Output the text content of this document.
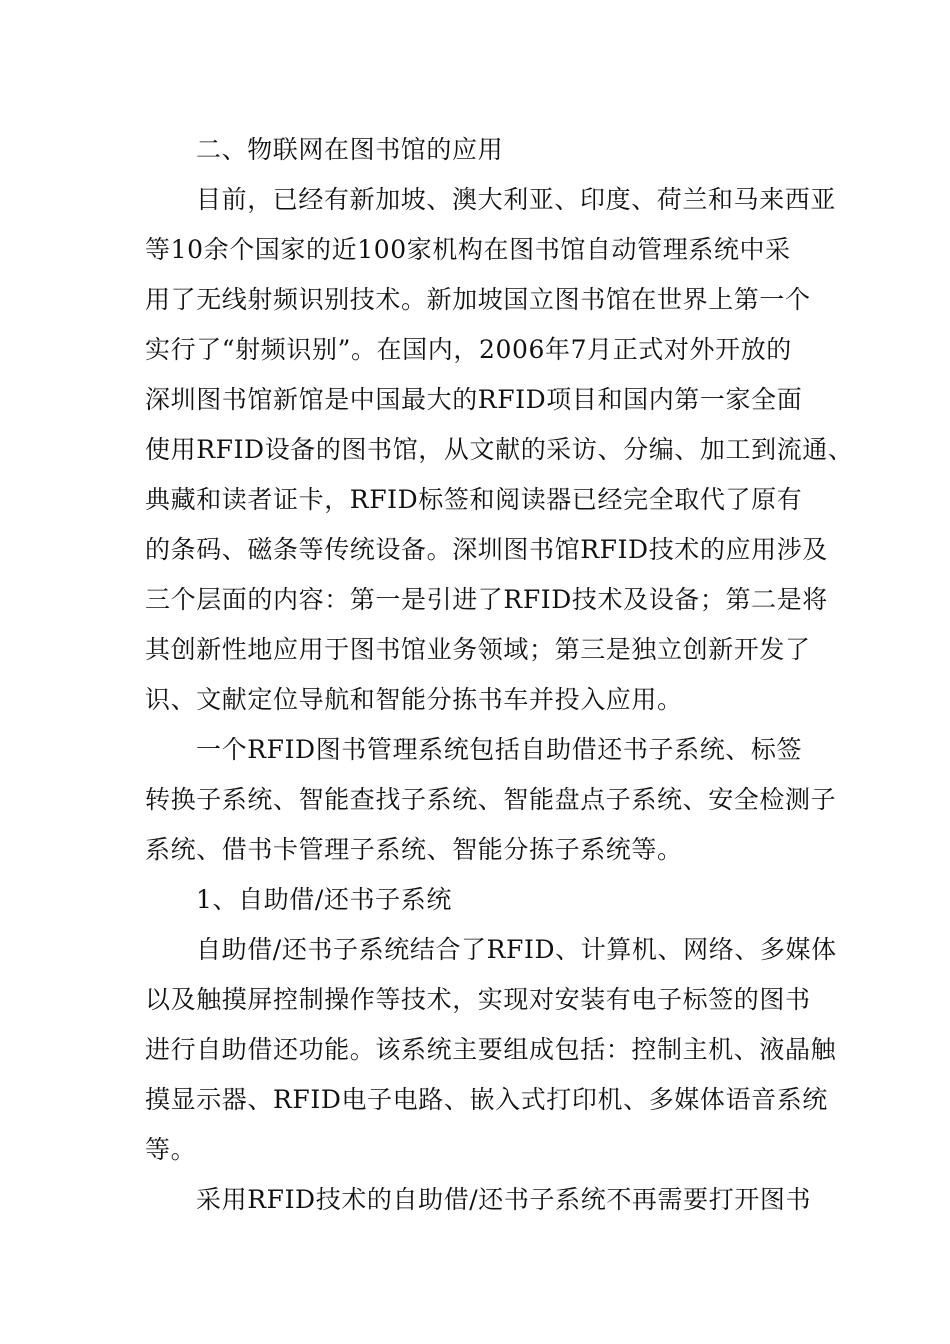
二、物联网在图书馆的应用
目前，已经有新加坡、澳大利亚、印度、荷兰和马来西亚
等10余个国家的近100家机构在图书馆自动管理系统中采
用了无线射频识别技术。新加坡国立图书馆在世界上第一个
实行了“射频识别”。在国内，2006年7月正式对外开放的
深圳图书馆新馆是中国最大的RFID项目和国内第一家全面
使用RFID设备的图书馆，从文献的采访、分编、加工到流通、
典藏和读者证卡，RFID标签和阅读器已经完全取代了原有
的条码、磁条等传统设备。深圳图书馆RFID技术的应用涉及
三个层面的内容：第一是引进了RFID技术及设备；第二是将
其创新性地应用于图书馆业务领域；第三是独立创新开发了
识、文献定位导航和智能分拣书车并投入应用。
一个RFID图书管理系统包括自助借还书子系统、标签
转换子系统、智能查找子系统、智能盘点子系统、安全检测子
系统、借书卡管理子系统、智能分拣子系统等。
1、自助借/还书子系统
自助借/还书子系统结合了RFID、计算机、网络、多媒体
以及触摸屏控制操作等技术，实现对安装有电子标签的图书
进行自助借还功能。该系统主要组成包括：控制主机、液晶触
摸显示器、RFID电子电路、嵌入式打印机、多媒体语音系统
等。
采用RFID技术的自助借/还书子系统不再需要打开图书
